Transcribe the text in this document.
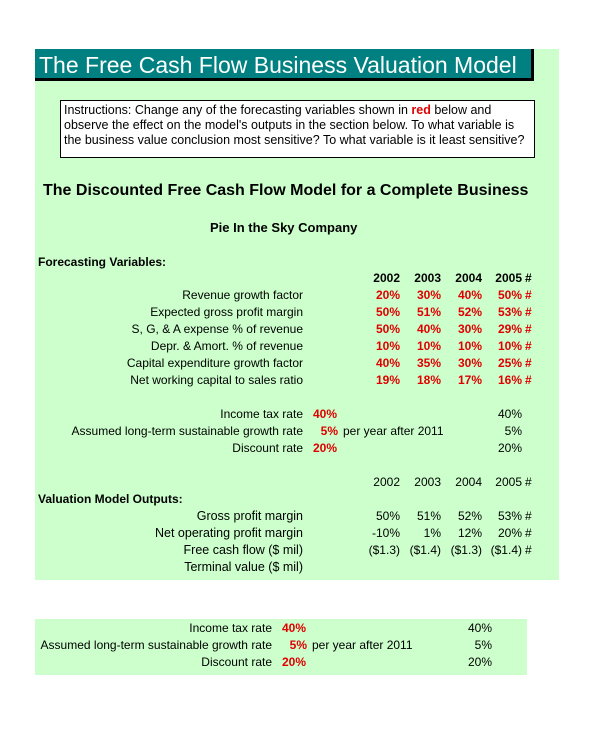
The Free Cash Flow Business Valuation Model
Instructions: Change any of the forecasting variables shown in red below and observe the effect on the model's outputs in the section below. To what variable is the business value conclusion most sensitive? To what variable is it least sensitive?
The Discounted Free Cash Flow Model for a Complete Business
Pie In the Sky Company
Forecasting Variables:
2002	2003	2004	2005 #
Revenue growth factor	20%	30%	40%	50% #
Expected gross profit margin	50%	51%	52%	53% #
S, G, & A expense % of revenue	50%	40%	30%	29% #
Depr. & Amort. % of revenue	10%	10%	10%	10% #
Capital expenditure growth factor	40%	35%	30%	25% #
Net working capital to sales ratio	19%	18%	17%	16% #
Income tax rate 40%	40%
Assumed long-term sustainable growth rate	5% per year after 2011	5%
Discount rate 20%	20%
2002	2003	2004	2005 #
Valuation Model Outputs:
Gross profit margin	50%	51%	52%	53% #
Net operating profit margin	-10%	1%	12%	20% #
Free cash flow ($ mil)	($1.3) ($1.4) ($1.3) ($1.4) #
Terminal value ($ mil)
Income tax rate 40%	40%
Assumed long-term sustainable growth rate	5% per year after 2011	5%
Discount rate 20%	20%
